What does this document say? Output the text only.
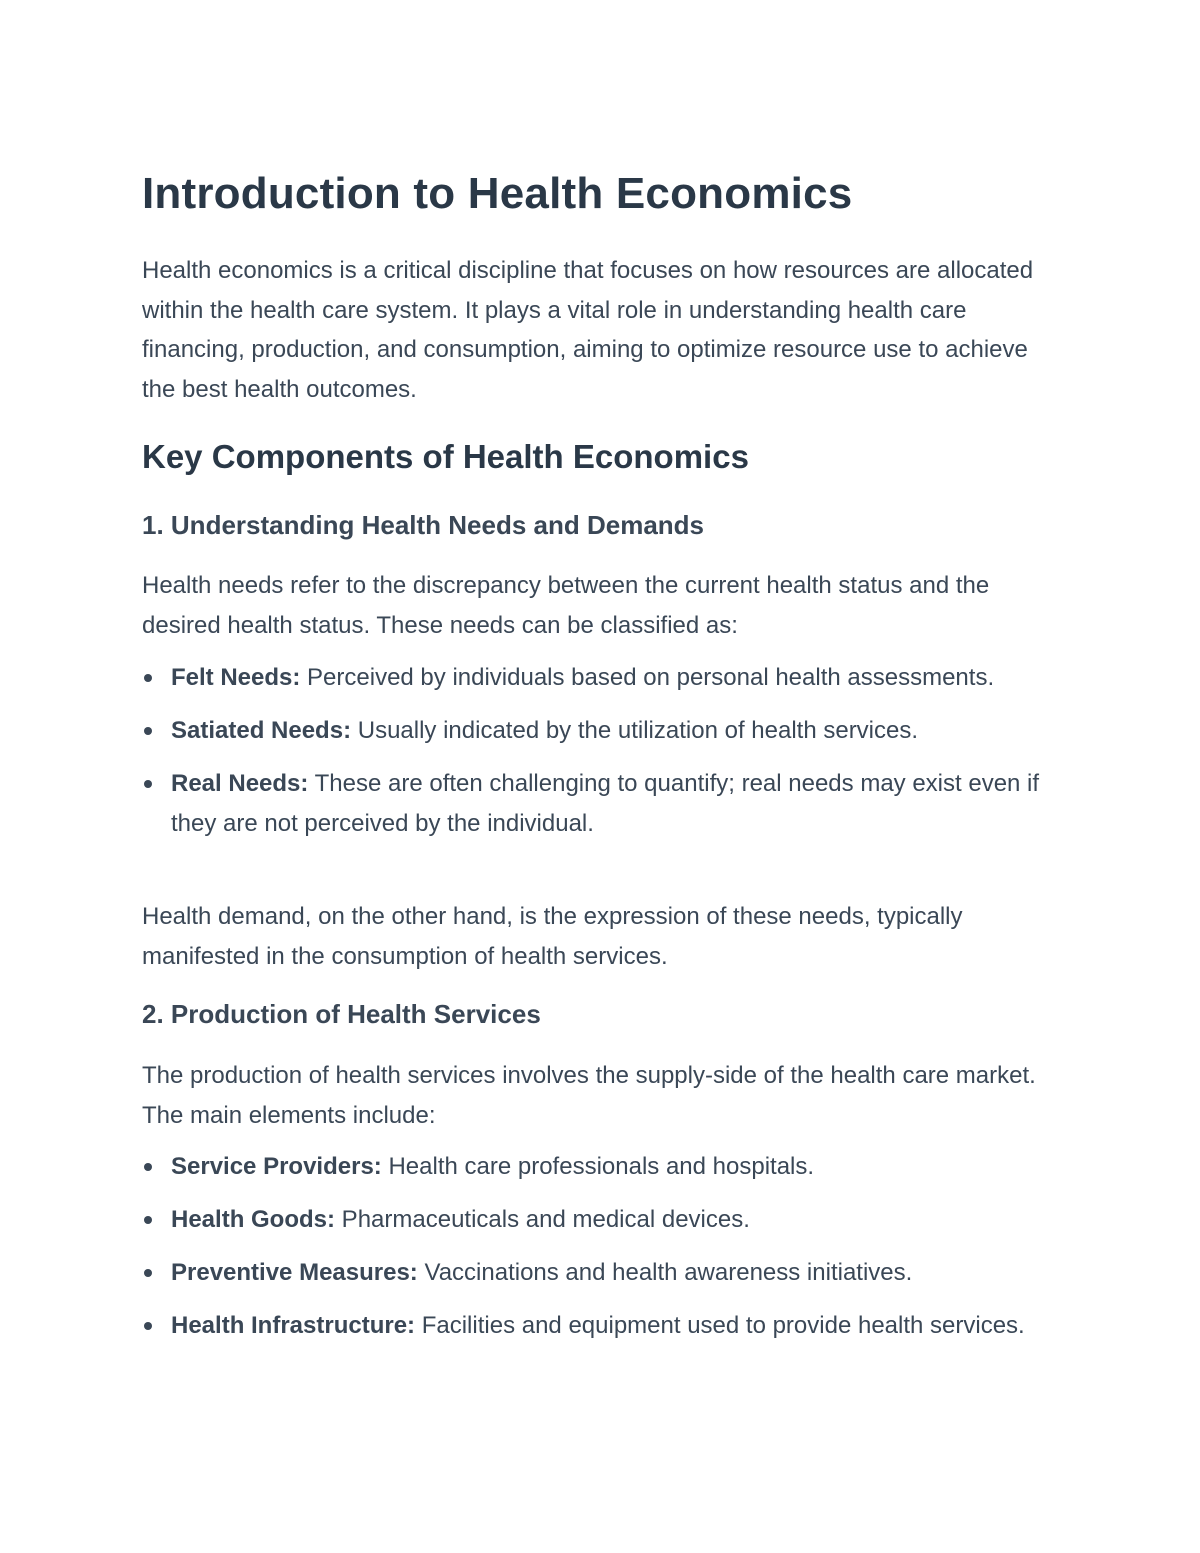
Introduction to Health Economics

Health economics is a critical discipline that focuses on how resources are allocated within the health care system. It plays a vital role in understanding health care financing, production, and consumption, aiming to optimize resource use to achieve the best health outcomes.

Key Components of Health Economics
1. Understanding Health Needs and Demands

Health needs refer to the discrepancy between the current health status and the desired health status. These needs can be classified as:

Felt Needs: Perceived by individuals based on personal health assessments.
Satiated Needs: Usually indicated by the utilization of health services.
Real Needs: These are often challenging to quantify; real needs may exist even if they are not perceived by the individual.

Health demand, on the other hand, is the expression of these needs, typically manifested in the consumption of health services.

2. Production of Health Services

The production of health services involves the supply-side of the health care market. The main elements include:

Service Providers: Health care professionals and hospitals.
Health Goods: Pharmaceuticals and medical devices.
Preventive Measures: Vaccinations and health awareness initiatives.
Health Infrastructure: Facilities and equipment used to provide health services.
